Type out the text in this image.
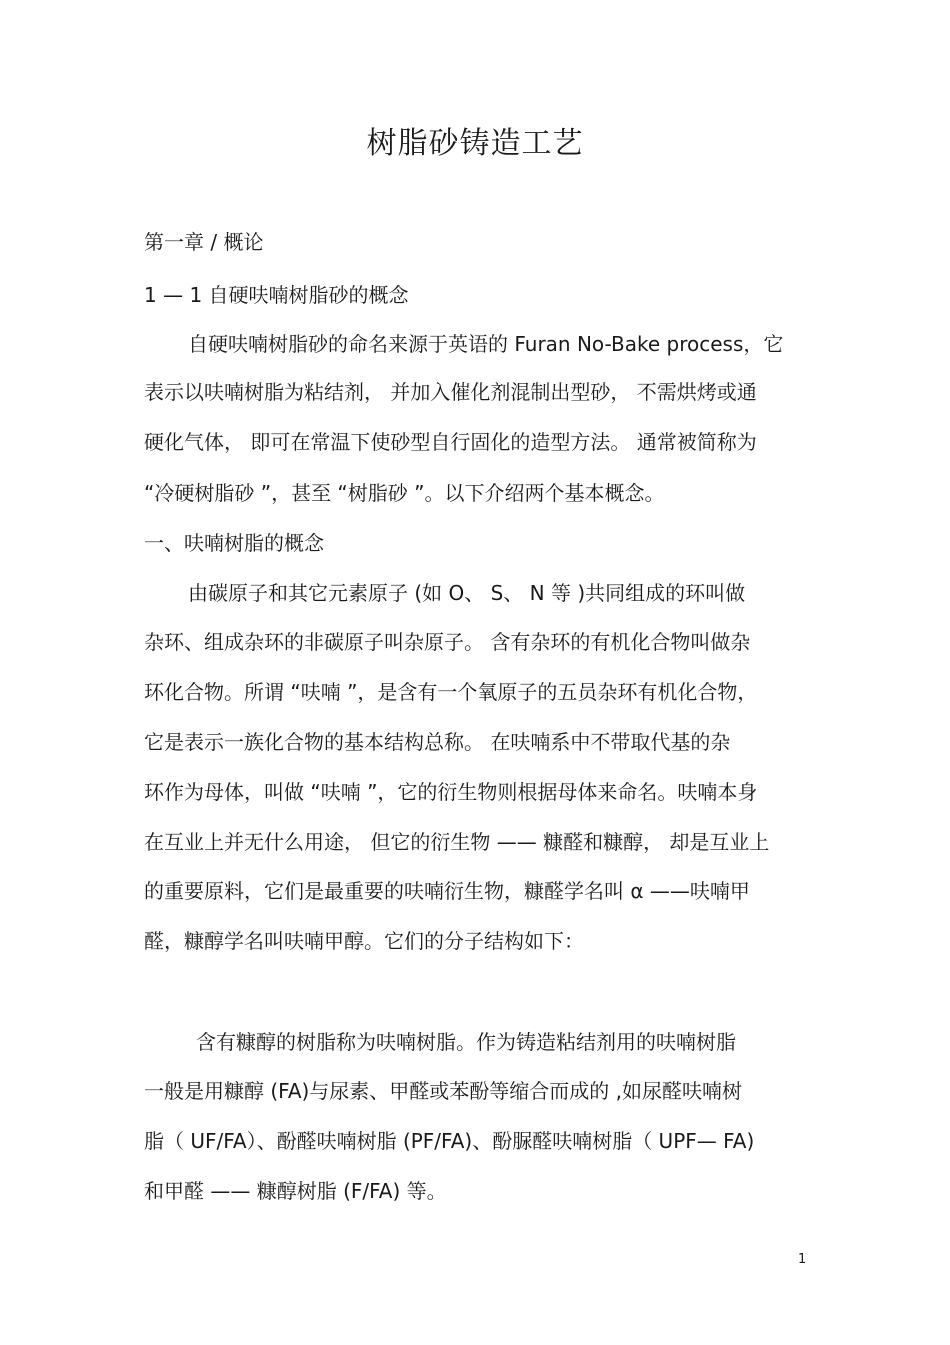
树脂砂铸造工艺
第一章 / 概论
1 — 1 自硬呋喃树脂砂的概念
自硬呋喃树脂砂的命名来源于英语的 Furan No-Bake process，它
表示以呋喃树脂为粘结剂， 并加入催化剂混制出型砂， 不需烘烤或通
硬化气体， 即可在常温下使砂型自行固化的造型方法。 通常被简称为
“冷硬树脂砂 ”，甚至 “树脂砂 ”。以下介绍两个基本概念。
一、呋喃树脂的概念
由碳原子和其它元素原子 (如 O、 S、 N 等 )共同组成的环叫做
杂环、组成杂环的非碳原子叫杂原子。 含有杂环的有机化合物叫做杂
环化合物。所谓 “呋喃 ”，是含有一个氧原子的五员杂环有机化合物，
它是表示一族化合物的基本结构总称。 在呋喃系中不带取代基的杂
环作为母体，叫做 “呋喃 ”，它的衍生物则根据母体来命名。呋喃本身
在互业上并无什么用途， 但它的衍生物 —— 糠醛和糠醇， 却是互业上
的重要原料，它们是最重要的呋喃衍生物，糠醛学名叫 α ——呋喃甲
醛，糠醇学名叫呋喃甲醇。它们的分子结构如下：
含有糠醇的树脂称为呋喃树脂。作为铸造粘结剂用的呋喃树脂
一般是用糠醇 (FA)与尿素、甲醛或苯酚等缩合而成的 ,如尿醛呋喃树
脂（ UF/FA）、酚醛呋喃树脂 (PF/FA)、酚脲醛呋喃树脂（ UPF— FA)
和甲醛 —— 糠醇树脂 (F/FA) 等。
1
